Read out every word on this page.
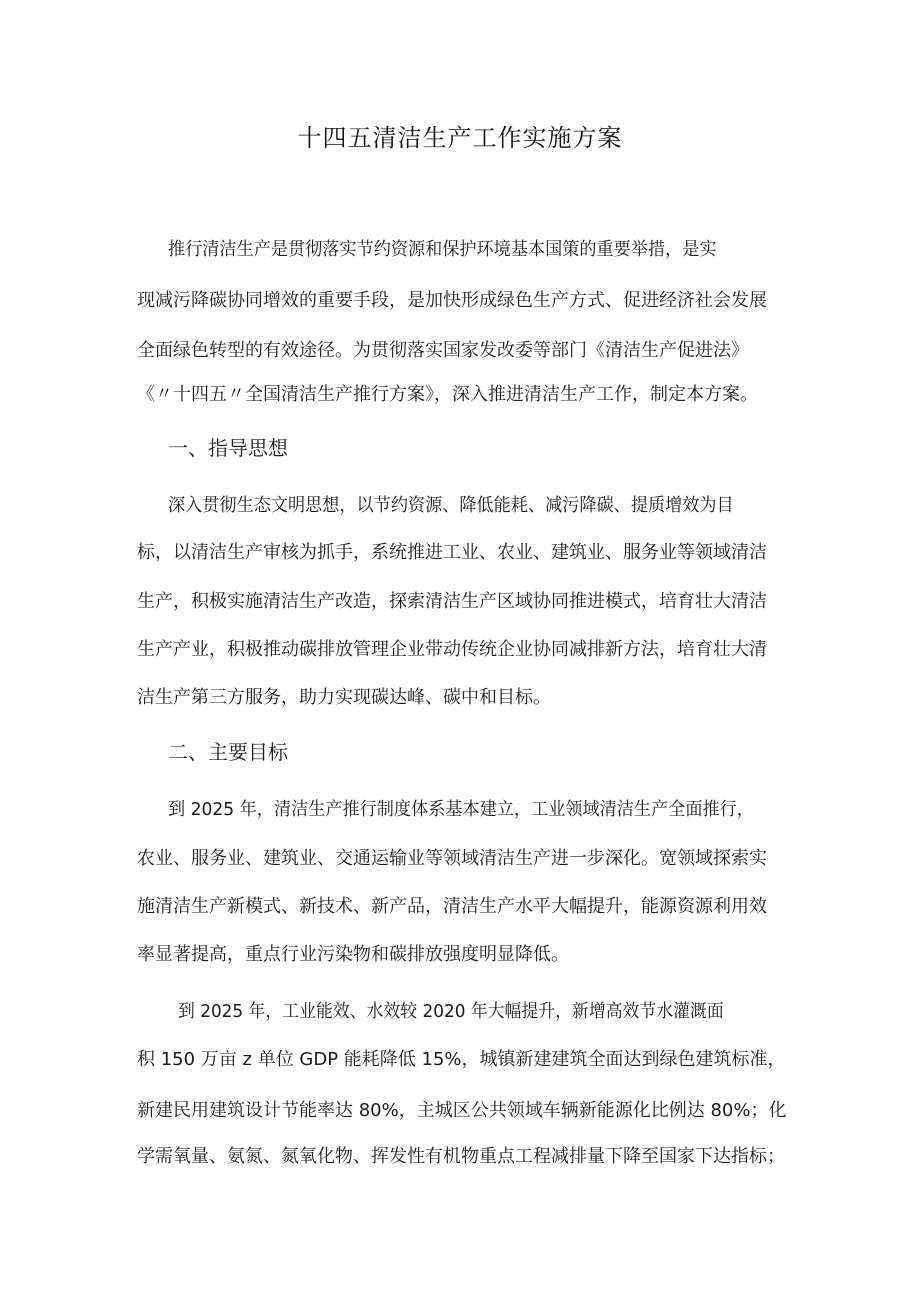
十四五清洁生产工作实施方案
推行清洁生产是贯彻落实节约资源和保护环境基本国策的重要举措，是实
现减污降碳协同增效的重要手段，是加快形成绿色生产方式、促进经济社会发展
全面绿色转型的有效途径。为贯彻落实国家发改委等部门《清洁生产促进法》
《〃十四五〃全国清洁生产推行方案》，深入推进清洁生产工作，制定本方案。
一、指导思想
深入贯彻生态文明思想，以节约资源、降低能耗、减污降碳、提质增效为目
标，以清洁生产审核为抓手，系统推进工业、农业、建筑业、服务业等领域清洁
生产，积极实施清洁生产改造，探索清洁生产区域协同推进模式，培育壮大清洁
生产产业，积极推动碳排放管理企业带动传统企业协同减排新方法，培育壮大清
洁生产第三方服务，助力实现碳达峰、碳中和目标。
二、主要目标
到 2025 年，清洁生产推行制度体系基本建立，工业领域清洁生产全面推行，
农业、服务业、建筑业、交通运输业等领域清洁生产进一步深化。宽领域探索实
施清洁生产新模式、新技术、新产品，清洁生产水平大幅提升，能源资源利用效
率显著提高，重点行业污染物和碳排放强度明显降低。
到 2025 年，工业能效、水效较 2020 年大幅提升，新增高效节水灌溉面
积 150 万亩 z 单位 GDP 能耗降低 15%，城镇新建建筑全面达到绿色建筑标准，
新建民用建筑设计节能率达 80%，主城区公共领域车辆新能源化比例达 80%；化
学需氧量、氨氮、氮氧化物、挥发性有机物重点工程减排量下降至国家下达指标；
